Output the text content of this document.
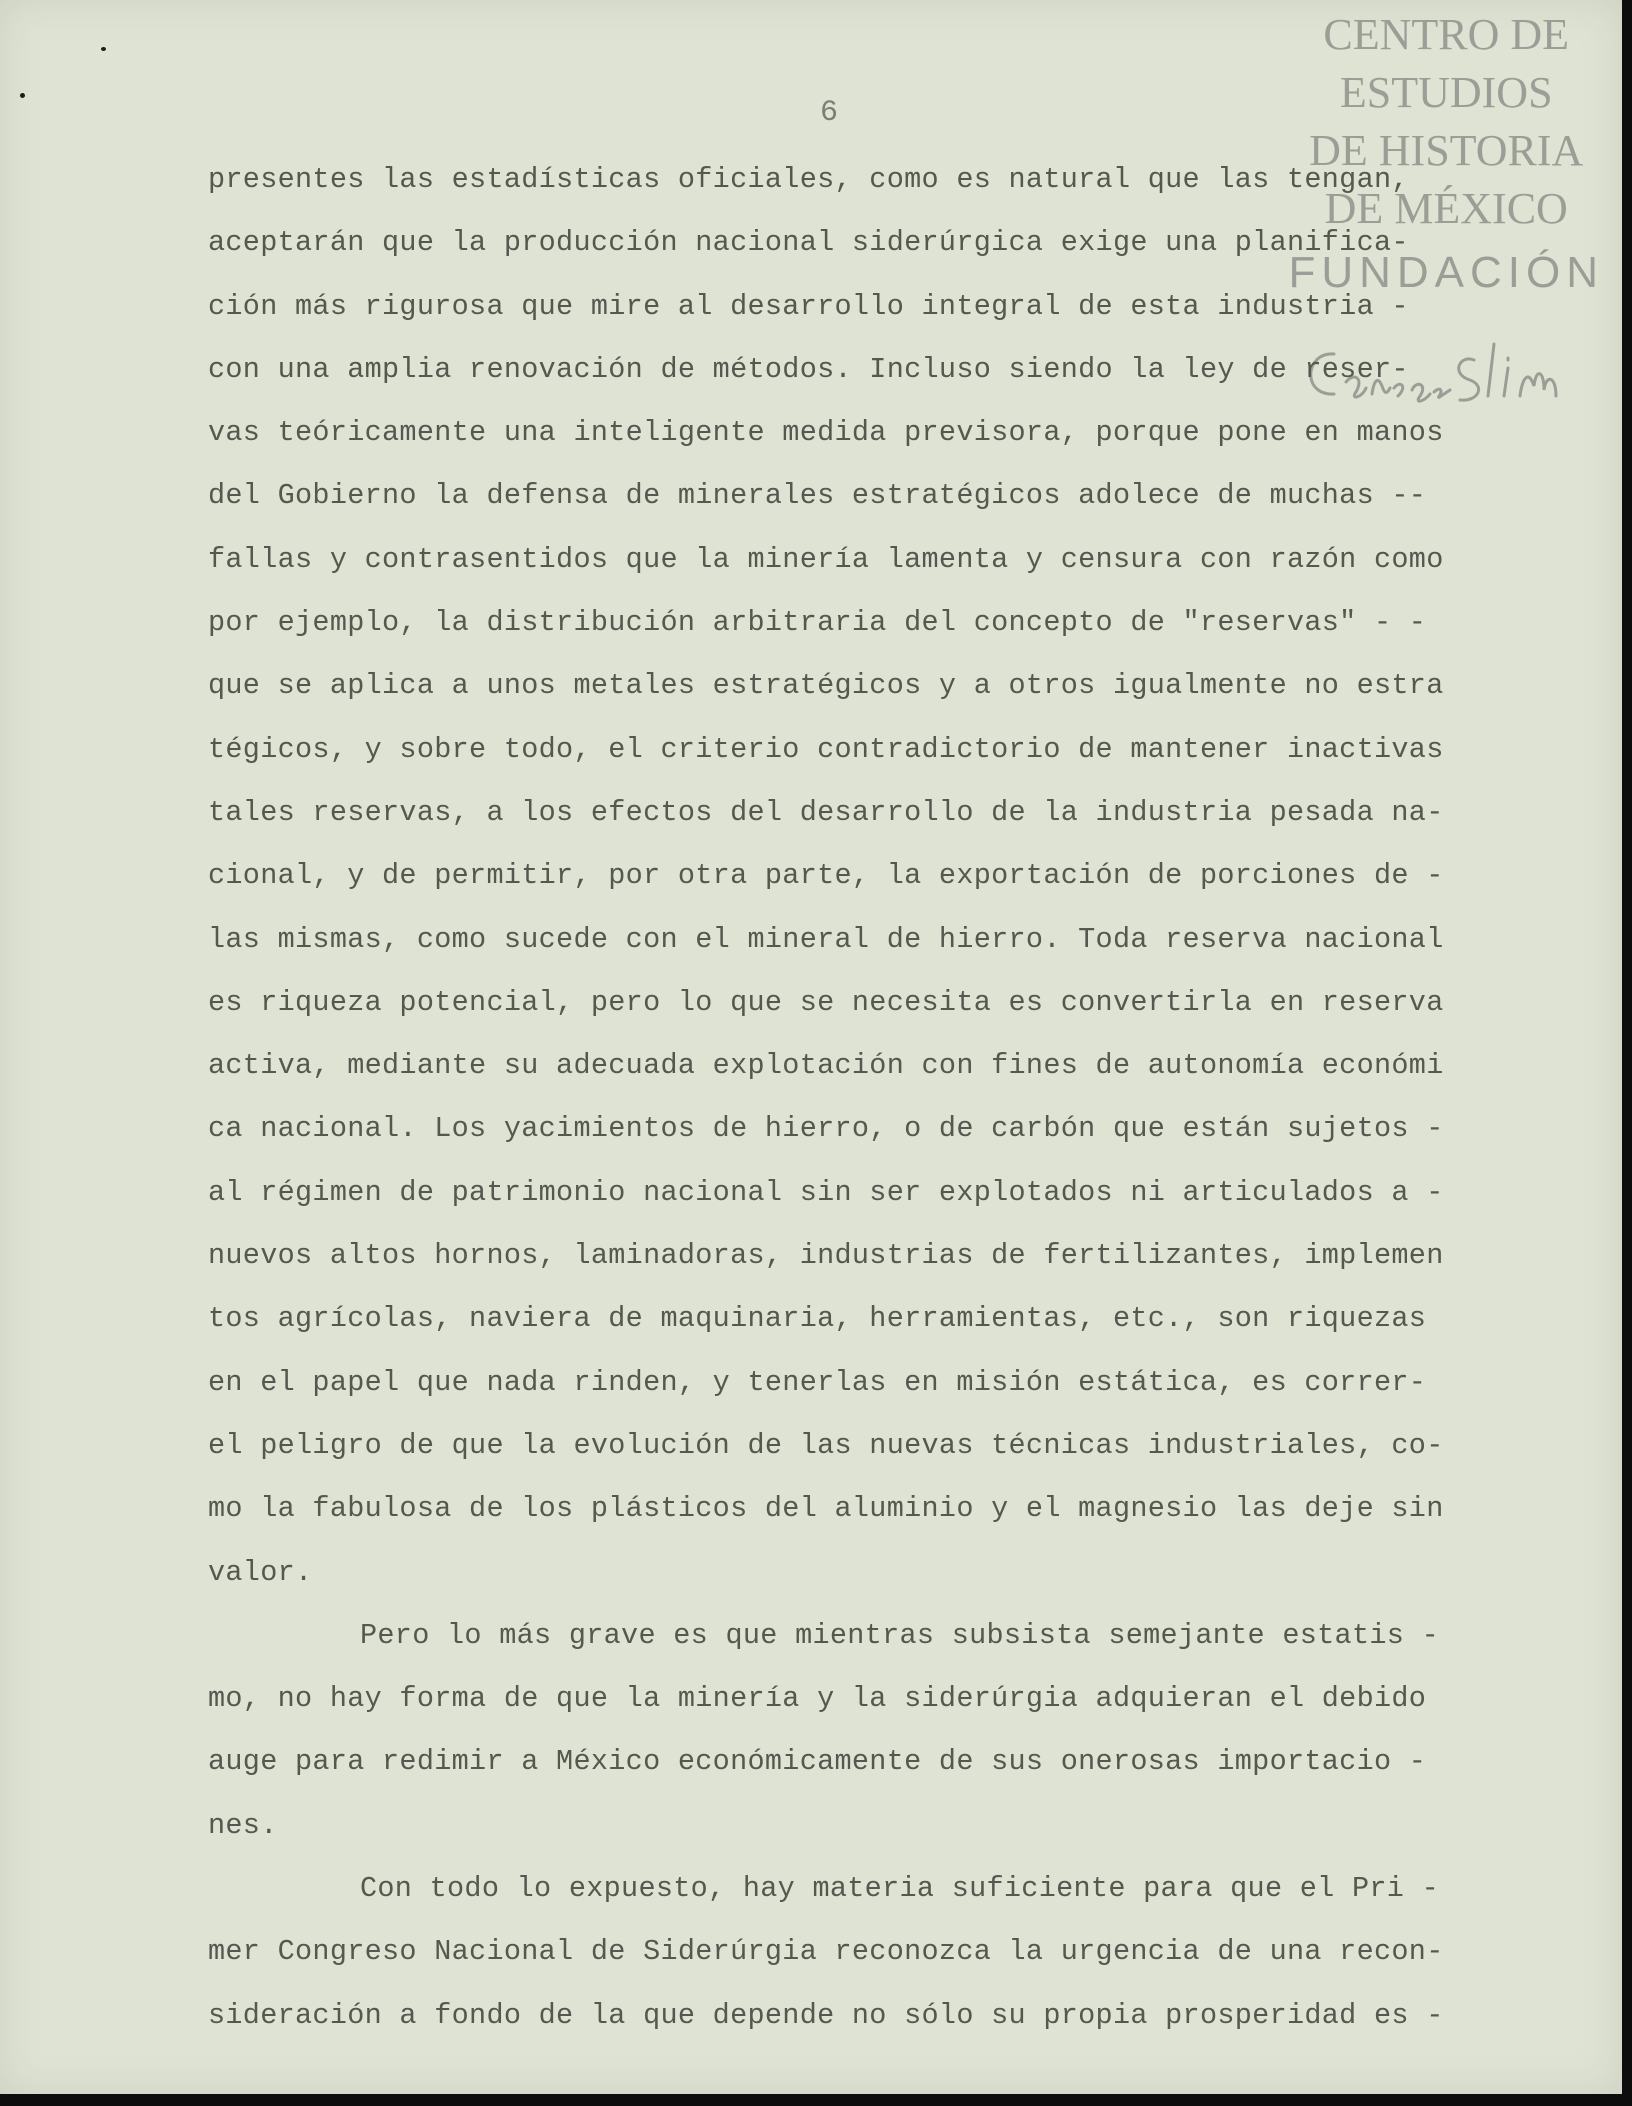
6
CENTRO DE
ESTUDIOS
DE HISTORIA
DE MÉXICO
FUNDACIÓN
presentes las estadísticas oficiales, como es natural que las tengan,
aceptarán que la producción nacional siderúrgica exige una planifica-
ción más rigurosa que mire al desarrollo integral de esta industria -
con una amplia renovación de métodos. Incluso siendo la ley de reser-
vas teóricamente una inteligente medida previsora, porque pone en manos
del Gobierno la defensa de minerales estratégicos adolece de muchas --
fallas y contrasentidos que la minería lamenta y censura con razón como
por ejemplo, la distribución arbitraria del concepto de "reservas" - -
que se aplica a unos metales estratégicos y a otros igualmente no estra
tégicos, y sobre todo, el criterio contradictorio de mantener inactivas
tales reservas, a los efectos del desarrollo de la industria pesada na-
cional, y de permitir, por otra parte, la exportación de porciones de -
las mismas, como sucede con el mineral de hierro. Toda reserva nacional
es riqueza potencial, pero lo que se necesita es convertirla en reserva
activa, mediante su adecuada explotación con fines de autonomía económi
ca nacional. Los yacimientos de hierro, o de carbón que están sujetos -
al régimen de patrimonio nacional sin ser explotados ni articulados a -
nuevos altos hornos, laminadoras, industrias de fertilizantes, implemen
tos agrícolas, naviera de maquinaria, herramientas, etc., son riquezas
en el papel que nada rinden, y tenerlas en misión estática, es correr-
el peligro de que la evolución de las nuevas técnicas industriales, co-
mo la fabulosa de los plásticos del aluminio y el magnesio las deje sin
valor.
Pero lo más grave es que mientras subsista semejante estatis -
mo, no hay forma de que la minería y la siderúrgia adquieran el debido
auge para redimir a México económicamente de sus onerosas importacio -
nes.
Con todo lo expuesto, hay materia suficiente para que el Pri -
mer Congreso Nacional de Siderúrgia reconozca la urgencia de una recon-
sideración a fondo de la que depende no sólo su propia prosperidad es -
